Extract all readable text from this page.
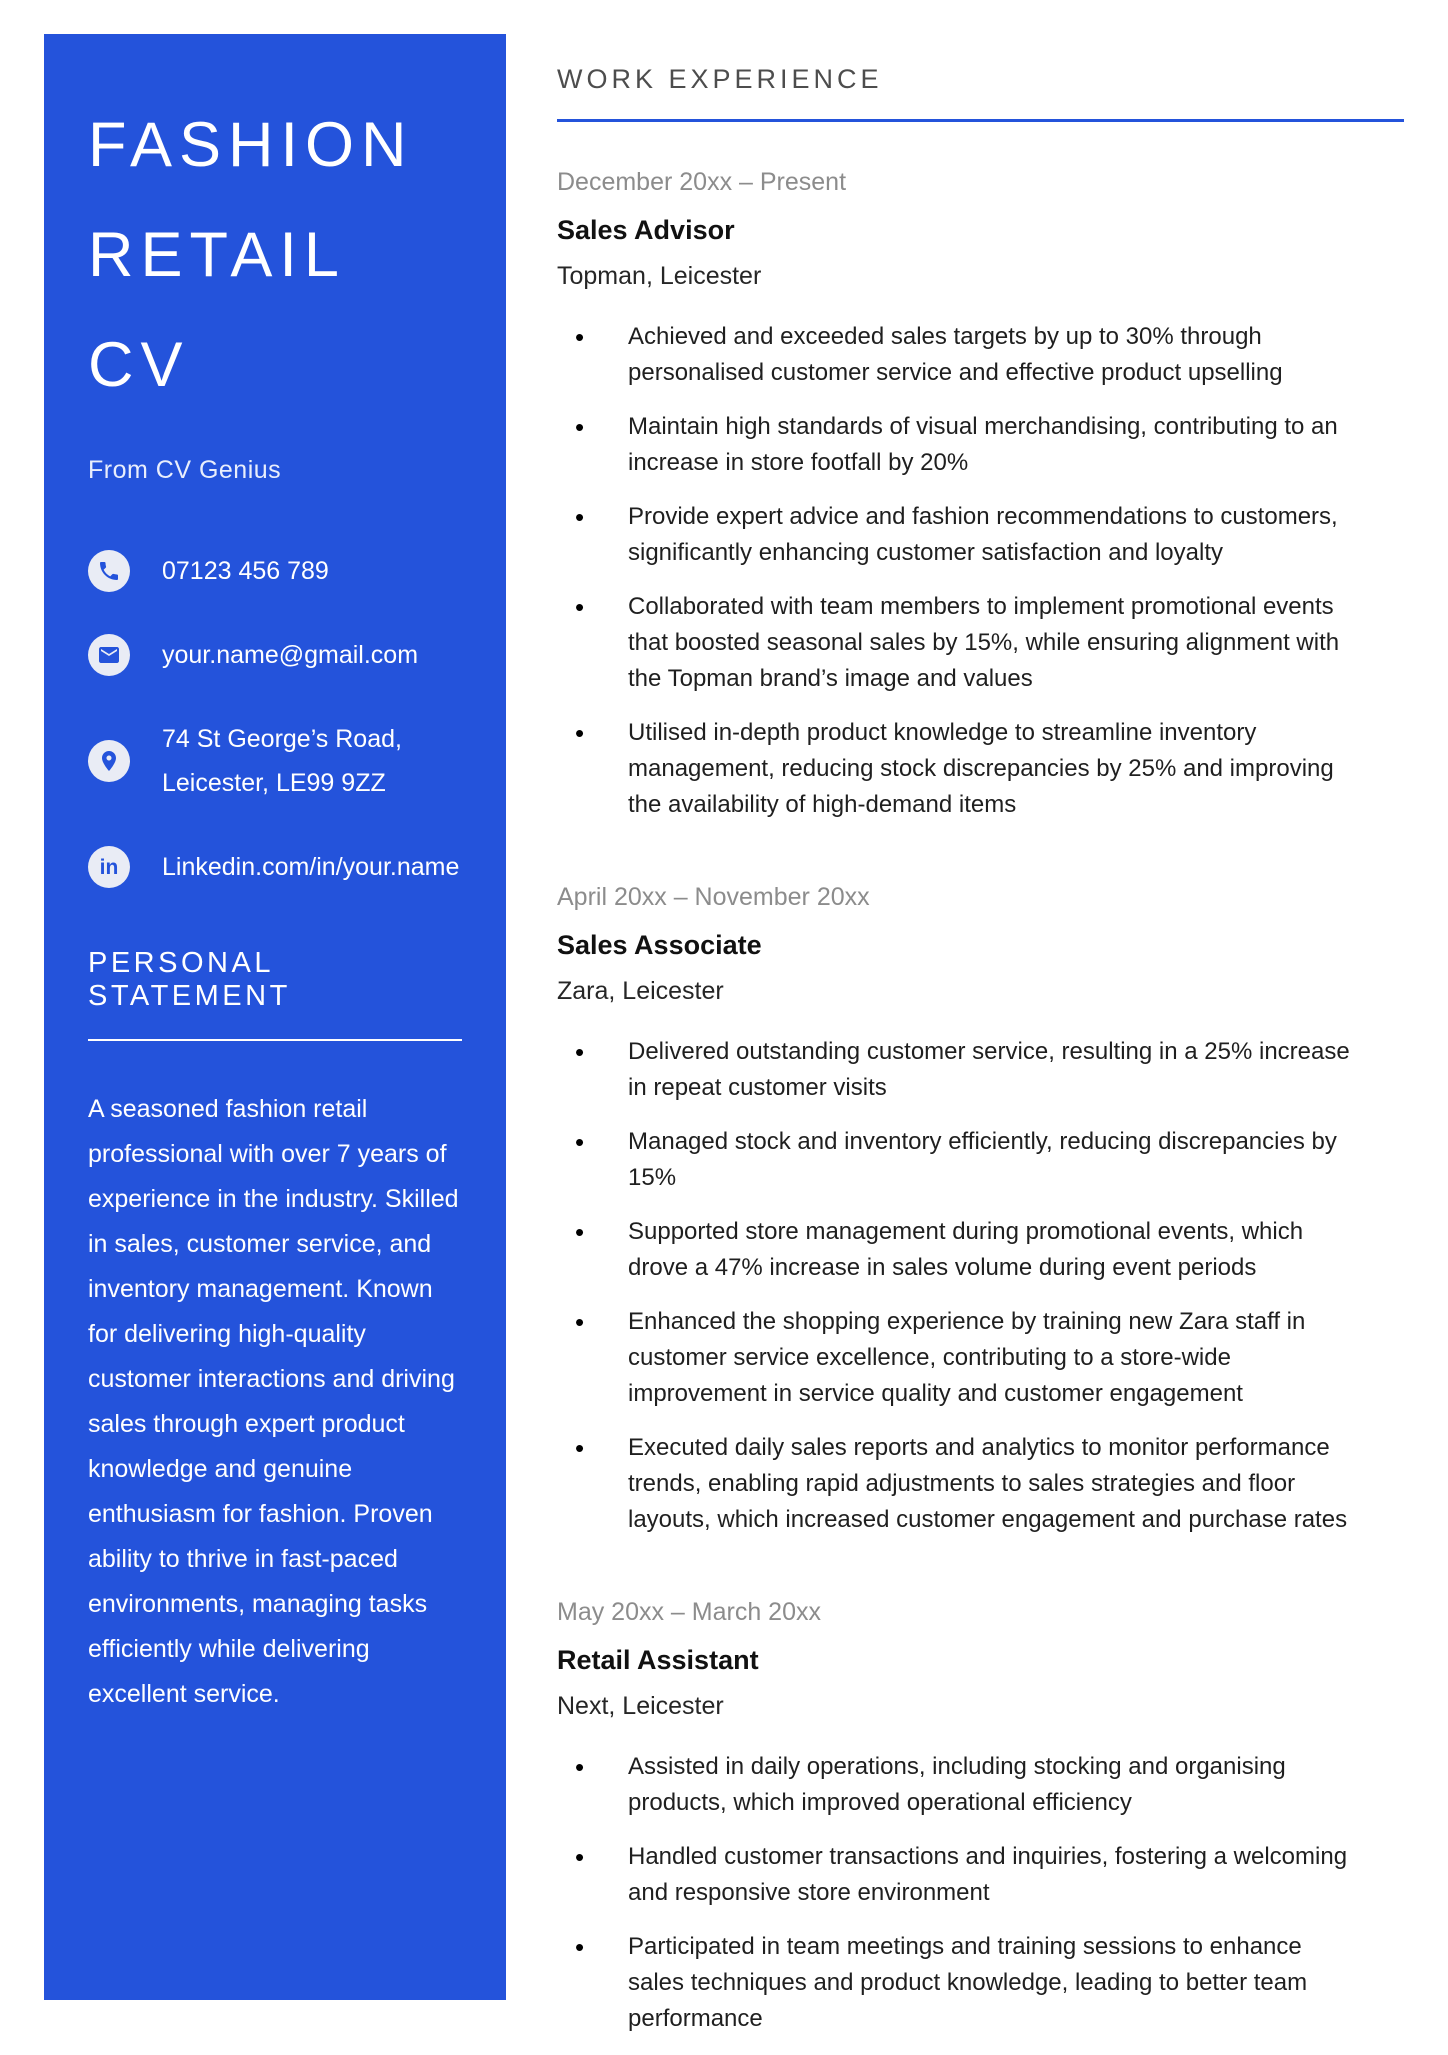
FASHION
RETAIL
CV
From CV Genius
07123 456 789
your.name@gmail.com
74 St George’s Road,
Leicester, LE99 9ZZ
in Linkedin.com/in/your.name
PERSONAL STATEMENT

A seasoned fashion retail professional with over 7 years of experience in the industry. Skilled in sales, customer service, and inventory management. Known for delivering high-quality customer interactions and driving sales through expert product knowledge and genuine enthusiasm for fashion. Proven ability to thrive in fast-paced environments, managing tasks efficiently while delivering excellent service.

WORK EXPERIENCE
December 20xx – Present
Sales Advisor
Topman, Leicester
• Achieved and exceeded sales targets by up to 30% through personalised customer service and effective product upselling
• Maintain high standards of visual merchandising, contributing to an increase in store footfall by 20%
• Provide expert advice and fashion recommendations to customers, significantly enhancing customer satisfaction and loyalty
• Collaborated with team members to implement promotional events that boosted seasonal sales by 15%, while ensuring alignment with the Topman brand’s image and values
• Utilised in-depth product knowledge to streamline inventory management, reducing stock discrepancies by 25% and improving the availability of high-demand items
April 20xx – November 20xx
Sales Associate
Zara, Leicester
• Delivered outstanding customer service, resulting in a 25% increase in repeat customer visits
• Managed stock and inventory efficiently, reducing discrepancies by 15%
• Supported store management during promotional events, which drove a 47% increase in sales volume during event periods
• Enhanced the shopping experience by training new Zara staff in customer service excellence, contributing to a store-wide improvement in service quality and customer engagement
• Executed daily sales reports and analytics to monitor performance trends, enabling rapid adjustments to sales strategies and floor layouts, which increased customer engagement and purchase rates
May 20xx – March 20xx
Retail Assistant
Next, Leicester
• Assisted in daily operations, including stocking and organising products, which improved operational efficiency
• Handled customer transactions and inquiries, fostering a welcoming and responsive store environment
• Participated in team meetings and training sessions to enhance sales techniques and product knowledge, leading to better team performance
